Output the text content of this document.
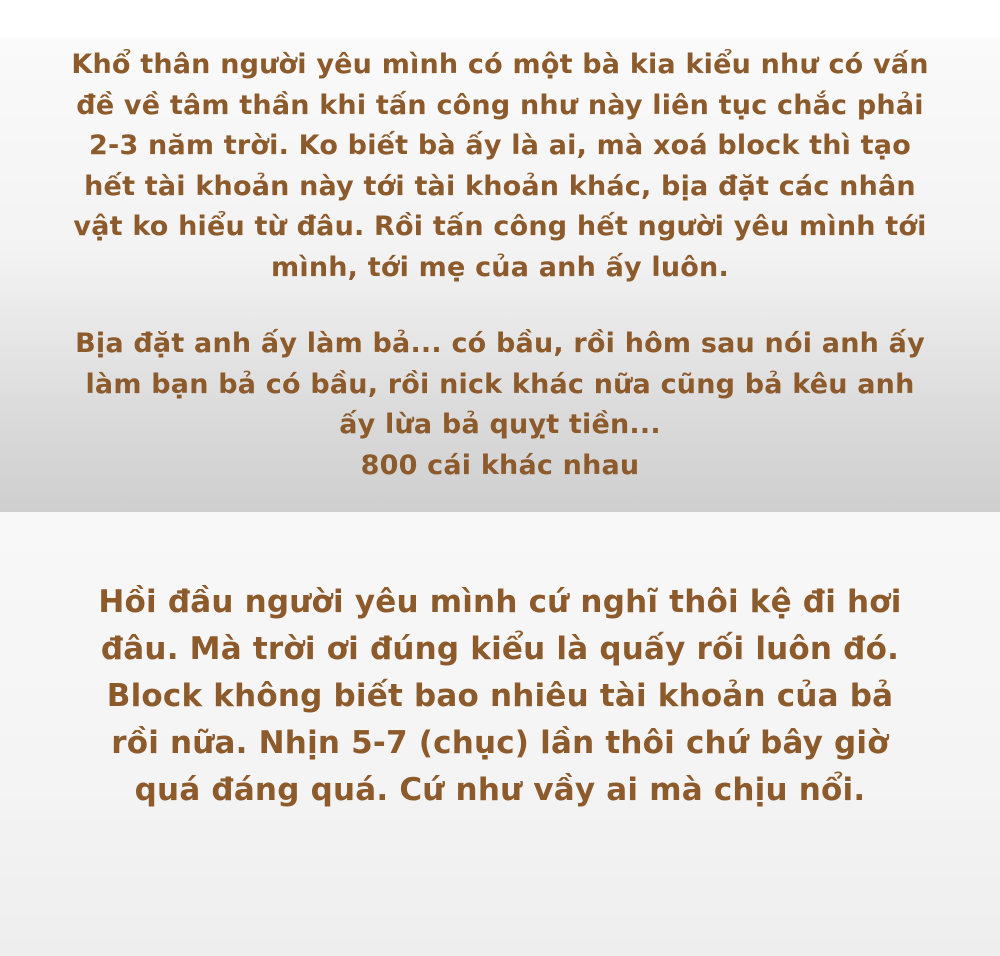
Khổ thân người yêu mình có một bà kia kiểu như có vấn
đề về tâm thần khi tấn công như này liên tục chắc phải
2-3 năm trời. Ko biết bà ấy là ai, mà xoá block thì tạo
hết tài khoản này tới tài khoản khác, bịa đặt các nhân
vật ko hiểu từ đâu. Rồi tấn công hết người yêu mình tới
mình, tới mẹ của anh ấy luôn.
Bịa đặt anh ấy làm bả... có bầu, rồi hôm sau nói anh ấy
làm bạn bả có bầu, rồi nick khác nữa cũng bả kêu anh
ấy lừa bả quỵt tiền...
800 cái khác nhau
Hồi đầu người yêu mình cứ nghĩ thôi kệ đi hơi
đâu. Mà trời ơi đúng kiểu là quấy rối luôn đó.
Block không biết bao nhiêu tài khoản của bả
rồi nữa. Nhịn 5-7 (chục) lần thôi chứ bây giờ
quá đáng quá. Cứ như vầy ai mà chịu nổi.
